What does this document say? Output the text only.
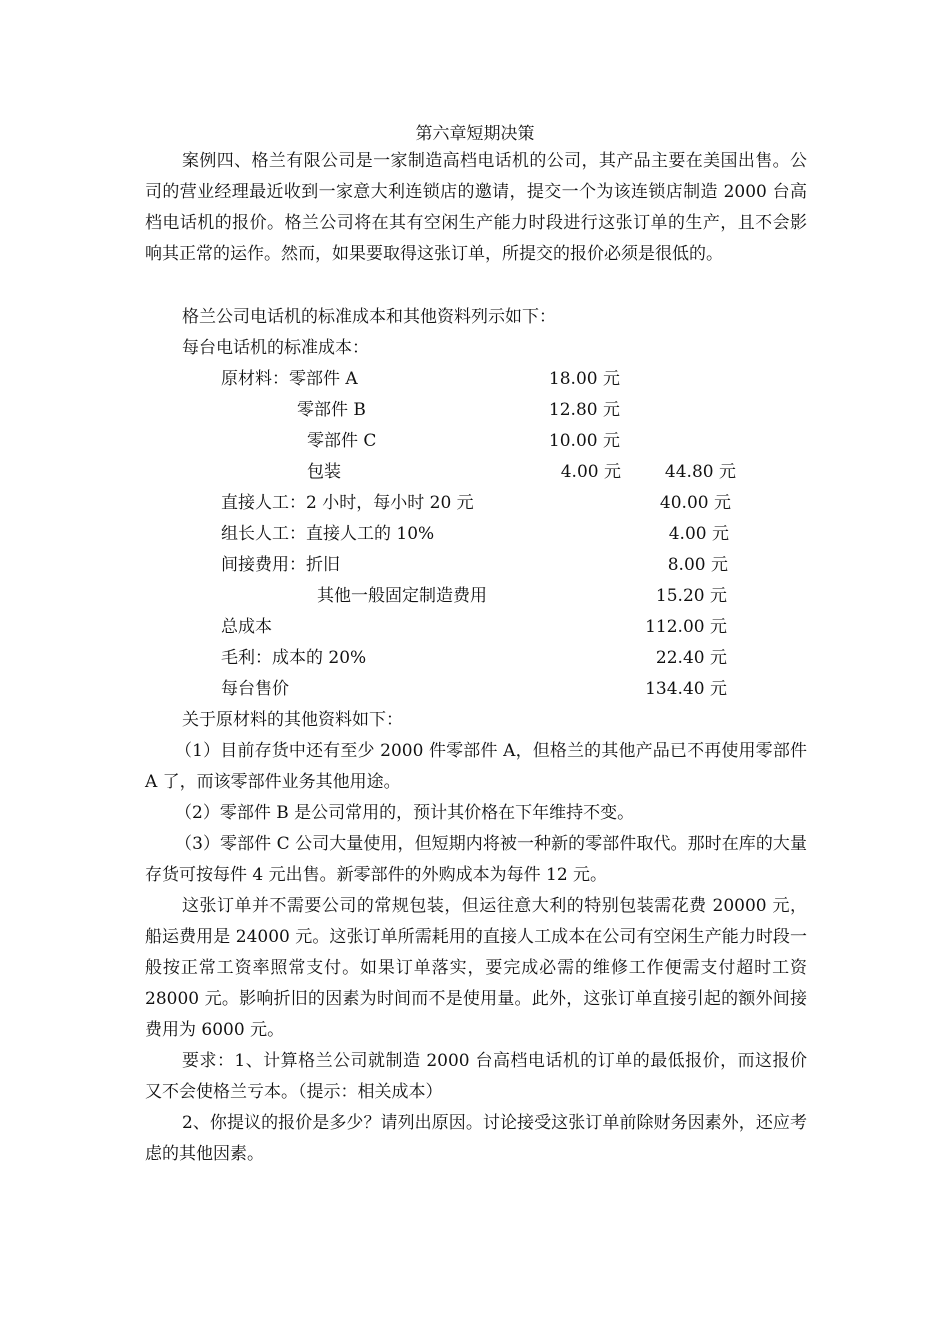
第六章短期决策

案例四、格兰有限公司是一家制造高档电话机的公司，其产品主要在美国出售。公司的营业经理最近收到一家意大利连锁店的邀请，提交一个为该连锁店制造 2000 台高档电话机的报价。格兰公司将在其有空闲生产能力时段进行这张订单的生产，且不会影响其正常的运作。然而，如果要取得这张订单，所提交的报价必须是很低的。

格兰公司电话机的标准成本和其他资料列示如下：
每台电话机的标准成本：
原材料：零部件 A	18.00 元
零部件 B	12.80 元
零部件 C	10.00 元
包装	4.00 元	44.80 元
直接人工：2 小时，每小时 20 元	40.00 元
组长人工：直接人工的 10%	4.00 元
间接费用：折旧	8.00 元
其他一般固定制造费用	15.20 元
总成本	112.00 元
毛利：成本的 20%	22.40 元
每台售价	134.40 元
关于原材料的其他资料如下：

（1）目前存货中还有至少 2000 件零部件 A，但格兰的其他产品已不再使用零部件 A 了，而该零部件业务其他用途。

（2）零部件 B 是公司常用的，预计其价格在下年维持不变。

（3）零部件 C 公司大量使用，但短期内将被一种新的零部件取代。那时在库的大量存货可按每件 4 元出售。新零部件的外购成本为每件 12 元。

这张订单并不需要公司的常规包装，但运往意大利的特别包装需花费 20000 元，船运费用是 24000 元。这张订单所需耗用的直接人工成本在公司有空闲生产能力时段一般按正常工资率照常支付。如果订单落实，要完成必需的维修工作便需支付超时工资 28000 元。影响折旧的因素为时间而不是使用量。此外，这张订单直接引起的额外间接费用为 6000 元。

要求：1、计算格兰公司就制造 2000 台高档电话机的订单的最低报价，而这报价又不会使格兰亏本。（提示：相关成本）

2、你提议的报价是多少？请列出原因。讨论接受这张订单前除财务因素外，还应考虑的其他因素。
